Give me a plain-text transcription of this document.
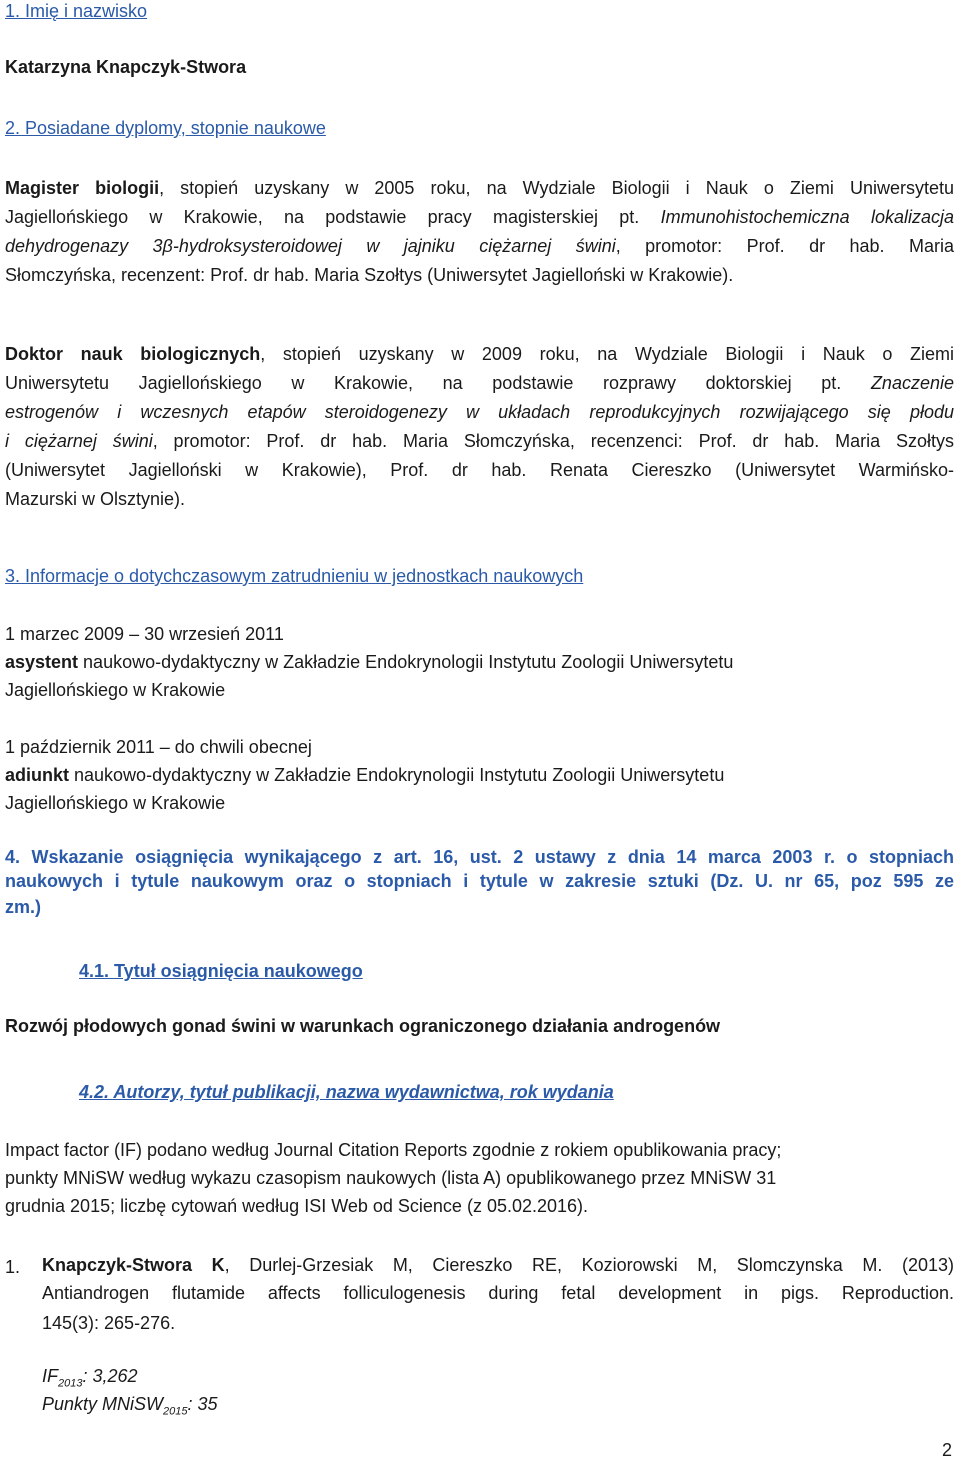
1. Imię i nazwisko
Katarzyna Knapczyk-Stwora
2. Posiadane dyplomy, stopnie naukowe
Magister biologii, stopień uzyskany w 2005 roku, na Wydziale Biologii i Nauk o Ziemi Uniwersytetu
Jagiellońskiego w Krakowie, na podstawie pracy magisterskiej pt. Immunohistochemiczna lokalizacja
dehydrogenazy 3β-hydroksysteroidowej w jajniku ciężarnej świni, promotor: Prof. dr hab. Maria
Słomczyńska, recenzent: Prof. dr hab. Maria Szołtys (Uniwersytet Jagielloński w Krakowie).
Doktor nauk biologicznych, stopień uzyskany w 2009 roku, na Wydziale Biologii i Nauk o Ziemi
Uniwersytetu Jagiellońskiego w Krakowie, na podstawie rozprawy doktorskiej pt. Znaczenie
estrogenów i wczesnych etapów steroidogenezy w układach reprodukcyjnych rozwijającego się płodu
i ciężarnej świni, promotor: Prof. dr hab. Maria Słomczyńska, recenzenci: Prof. dr hab. Maria Szołtys
(Uniwersytet Jagielloński w Krakowie), Prof. dr hab. Renata Ciereszko (Uniwersytet Warmińsko-
Mazurski w Olsztynie).
3. Informacje o dotychczasowym zatrudnieniu w jednostkach naukowych
1 marzec 2009 – 30 wrzesień 2011
asystent naukowo-dydaktyczny w Zakładzie Endokrynologii Instytutu Zoologii Uniwersytetu
Jagiellońskiego w Krakowie
1 październik 2011 – do chwili obecnej
adiunkt naukowo-dydaktyczny w Zakładzie Endokrynologii Instytutu Zoologii Uniwersytetu
Jagiellońskiego w Krakowie
4. Wskazanie osiągnięcia wynikającego z art. 16, ust. 2 ustawy z dnia 14 marca 2003 r. o stopniach
naukowych i tytule naukowym oraz o stopniach i tytule w zakresie sztuki (Dz. U. nr 65, poz 595 ze
zm.)
4.1. Tytuł osiągnięcia naukowego
Rozwój płodowych gonad świni w warunkach ograniczonego działania androgenów
4.2. Autorzy, tytuł publikacji, nazwa wydawnictwa, rok wydania
Impact factor (IF) podano według Journal Citation Reports zgodnie z rokiem opublikowania pracy;
punkty MNiSW według wykazu czasopism naukowych (lista A) opublikowanego przez MNiSW 31
grudnia 2015; liczbę cytowań według ISI Web od Science (z 05.02.2016).
1. Knapczyk-Stwora K, Durlej-Grzesiak M, Ciereszko RE, Koziorowski M, Slomczynska M. (2013)
Antiandrogen flutamide affects folliculogenesis during fetal development in pigs. Reproduction.
145(3): 265-276.
$IF_{2013}$: 3,262
Punkty MNiSW$_{2015}$: 35
2
